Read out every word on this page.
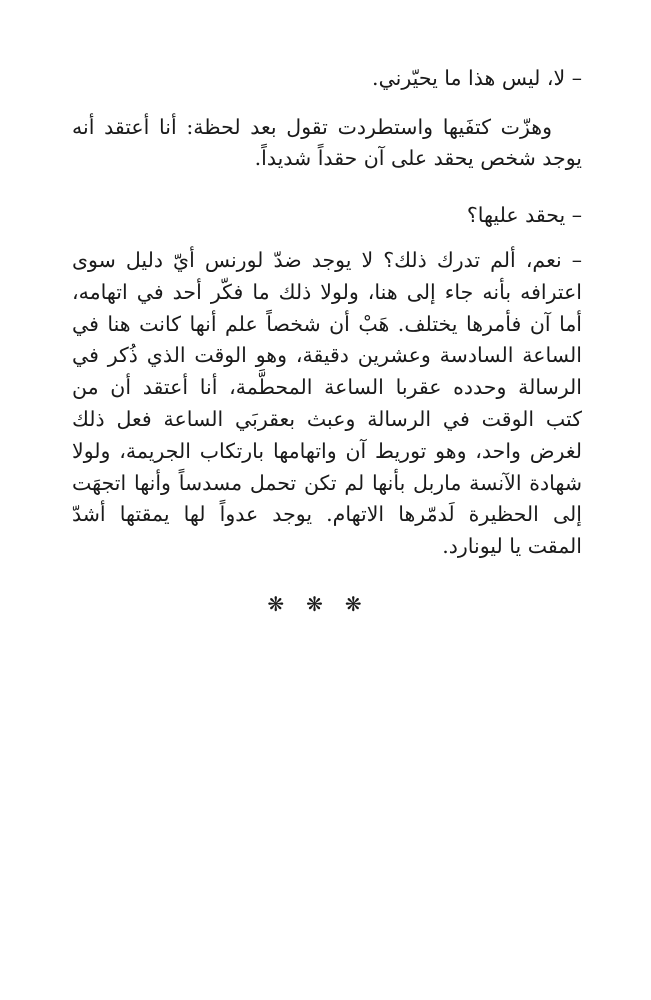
– لا، ليس هذا ما يحيّرني.

وهزّت كتفَيها واستطردت تقول بعد لحظة: أنا أعتقد أنه يوجد شخص يحقد على آن حقداً شديداً.

– يحقد عليها؟

– نعم، ألم تدرك ذلك؟ لا يوجد ضدّ لورنس أيّ دليل سوى اعترافه بأنه جاء إلى هنا، ولولا ذلك ما فكّر أحد في اتهامه، أما آن فأمرها يختلف. هَبْ أن شخصاً علم أنها كانت هنا في الساعة السادسة وعشرين دقيقة، وهو الوقت الذي ذُكر في الرسالة وحدده عقربا الساعة المحطَّمة، أنا أعتقد أن من كتب الوقت في الرسالة وعبث بعقربَي الساعة فعل ذلك لغرض واحد، وهو توريط آن واتهامها بارتكاب الجريمة، ولولا شهادة الآنسة ماربل بأنها لم تكن تحمل مسدساً وأنها اتجهَت إلى الحظيرة لَدمّرها الاتهام. يوجد عدواً لها يمقتها أشدّ المقت يا ليونارد.

❋❋❋
